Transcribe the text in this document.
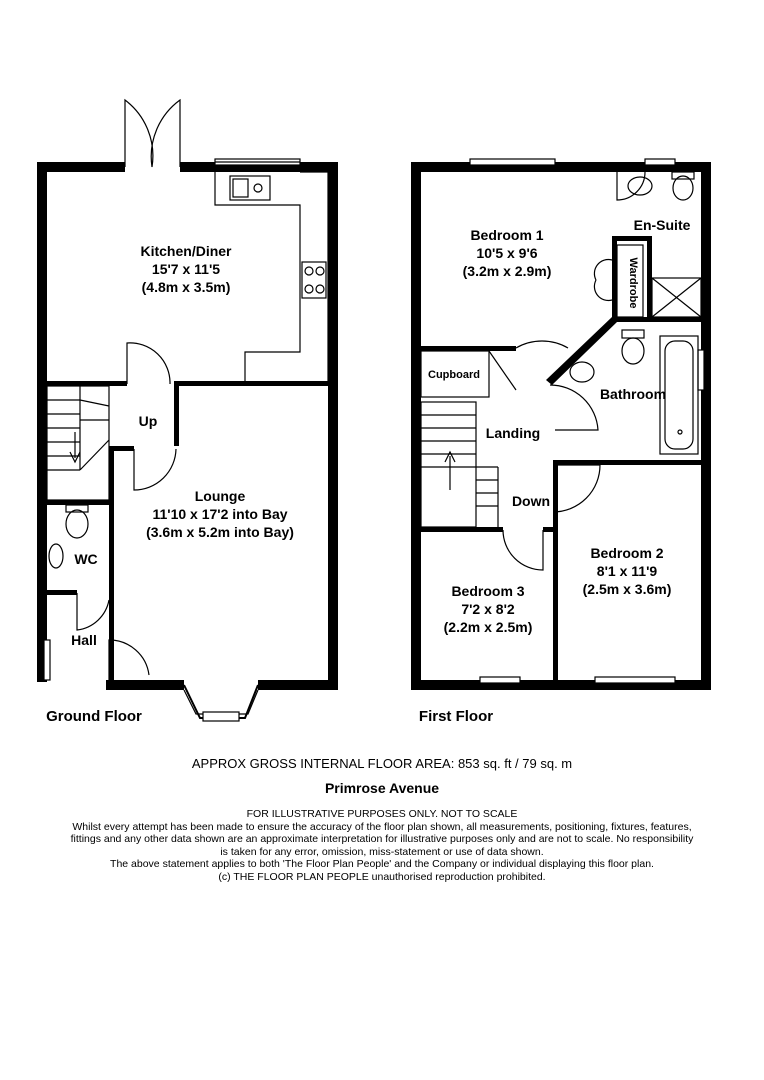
Kitchen/Diner
15'7 x 11'5
(4.8m x 3.5m)
Lounge
11'10 x 17'2 into Bay
(3.6m x 5.2m into Bay)
WC
Hall
Up
Ground Floor
Bedroom 1
10'5 x 9'6
(3.2m x 2.9m)
En-Suite
Wardrobe
Bathroom
Landing
Cupboard
Down
Bedroom 2
8'1 x 11'9
(2.5m x 3.6m)
Bedroom 3
7'2 x 8'2
(2.2m x 2.5m)
First Floor
APPROX GROSS INTERNAL FLOOR AREA: 853 sq. ft / 79 sq. m
Primrose Avenue
FOR ILLUSTRATIVE PURPOSES ONLY. NOT TO SCALE
Whilst every attempt has been made to ensure the accuracy of the floor plan shown, all measurements, positioning, fixtures, features,
fittings and any other data shown are an approximate interpretation for illustrative purposes only and are not to scale. No responsibility
is taken for any error, omission, miss-statement or use of data shown.
The above statement applies to both 'The Floor Plan People' and the Company or individual displaying this floor plan.
(c) THE FLOOR PLAN PEOPLE unauthorised reproduction prohibited.
